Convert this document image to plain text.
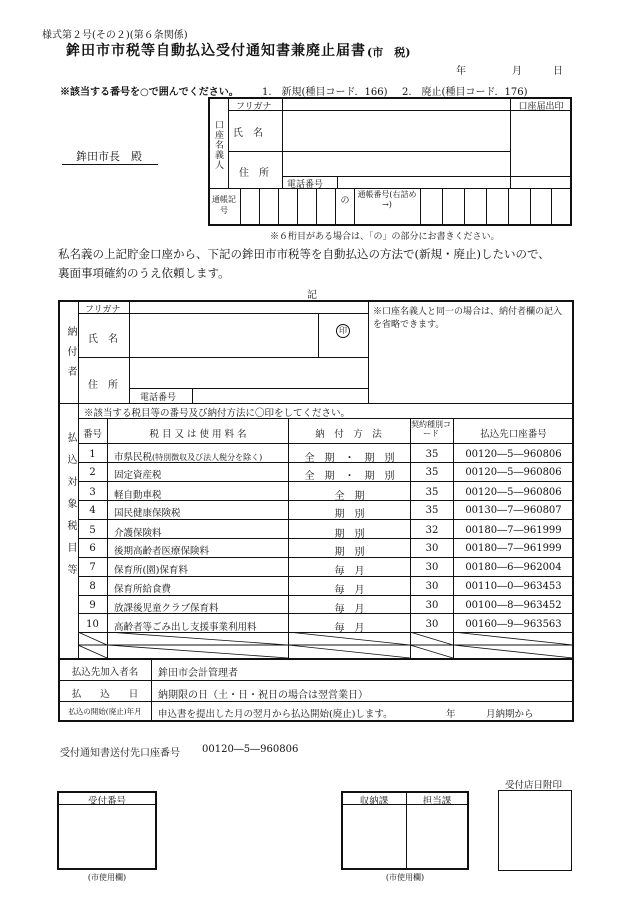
様式第２号(その２)(第６条関係)
鉾田市市税等自動払込受付通知書兼廃止届書 (市　税)
年	月	日
※該当する番号を○で囲んでください。 1.　新規(種目コード．166) 2.　廃止(種目コード．176)
鉾田市長　殿	口座名義人
フリガナ
氏　名
住　所
電話番号
口座届出印
通帳記号
の
通帳番号(右詰め→)
※６桁目がある場合は、「の」の部分にお書きください。
私名義の上記貯金口座から、下記の鉾田市市税等を自動払込の方法で(新規・廃止)したいので、
裏面事項確約のうえ依頼します。
記
納付者
フリガナ
氏　名
印
※口座名義人と同一の場合は、納付者欄の記入を省略できます。
住　所
電話番号
払込対象税目等
※該当する税目等の番号及び納付方法に〇印をしてください。
番号	税 目 又 は 使 用 料 名	納　付　方　法
契約種別コード	払込先口座番号
1	市県民税(特別徴収及び法人税分を除く)	全　期　・　期　別	35	00120―5―960806
2	固定資産税	全　期　・　期　別	35	00120―5―960806
3	軽自動車税	全　期	35	00120―5―960806
4	国民健康保険税	期　別	35	00130―7―960807
5	介護保険料	期　別	32	00180―7―961999
6	後期高齢者医療保険料	期　別	30	00180―7―961999
7	保育所(園)保育料	毎　月	30	00180―6―962004
8	保育所給食費	毎　月	30	00110―0―963453
9	放課後児童クラブ保育料	毎　月	30	00100―8―963452
10	高齢者等ごみ出し支援事業利用料	毎　月	30	00160―9―963563
払込先加入者名	鉾田市会計管理者
払　　込　　日	納期限の日（土・日・祝日の場合は翌営業日）
払込の開始(廃止)年月	申込書を提出した月の翌月から払込開始(廃止)します。	年	月納期から
受付通知書送付先口座番号 00120―5―960806
受付店日附印
受付番号
(市使用欄)
収納課	担当課
(市使用欄)
